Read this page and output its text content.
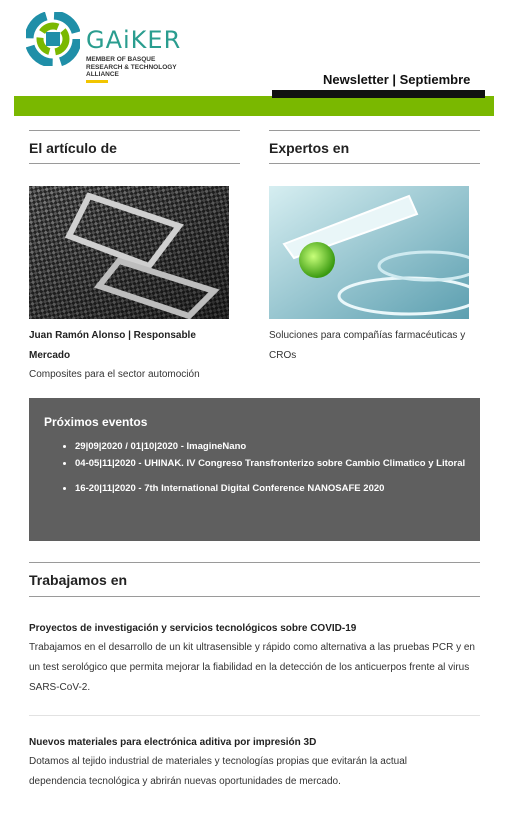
GAiKER
MEMBER OF BASQUE RESEARCH & TECHNOLOGY ALLIANCE	Newsletter | Septiembre
El artículo de
Juan Ramón Alonso | Responsable Mercado
Composites para el sector automoción
Expertos en
Soluciones para compañías farmacéuticas y CROs
Próximos eventos
• 29|09|2020 / 01|10|2020 - ImagineNano
• 04-05|11|2020 - UHINAK. IV Congreso Transfronterizo sobre Cambio Climatico y Litoral
• 16-20|11|2020 - 7th International Digital Conference NANOSAFE 2020
Trabajamos en
Proyectos de investigación y servicios tecnológicos sobre COVID-19
Trabajamos en el desarrollo de un kit ultrasensible y rápido como alternativa a las pruebas PCR y en un test serológico que permita mejorar la fiabilidad en la detección de los anticuerpos frente al virus SARS-CoV-2.
Nuevos materiales para electrónica aditiva por impresión 3D
Dotamos al tejido industrial de materiales y tecnologías propias que evitarán la actual dependencia tecnológica y abrirán nuevas oportunidades de mercado.
